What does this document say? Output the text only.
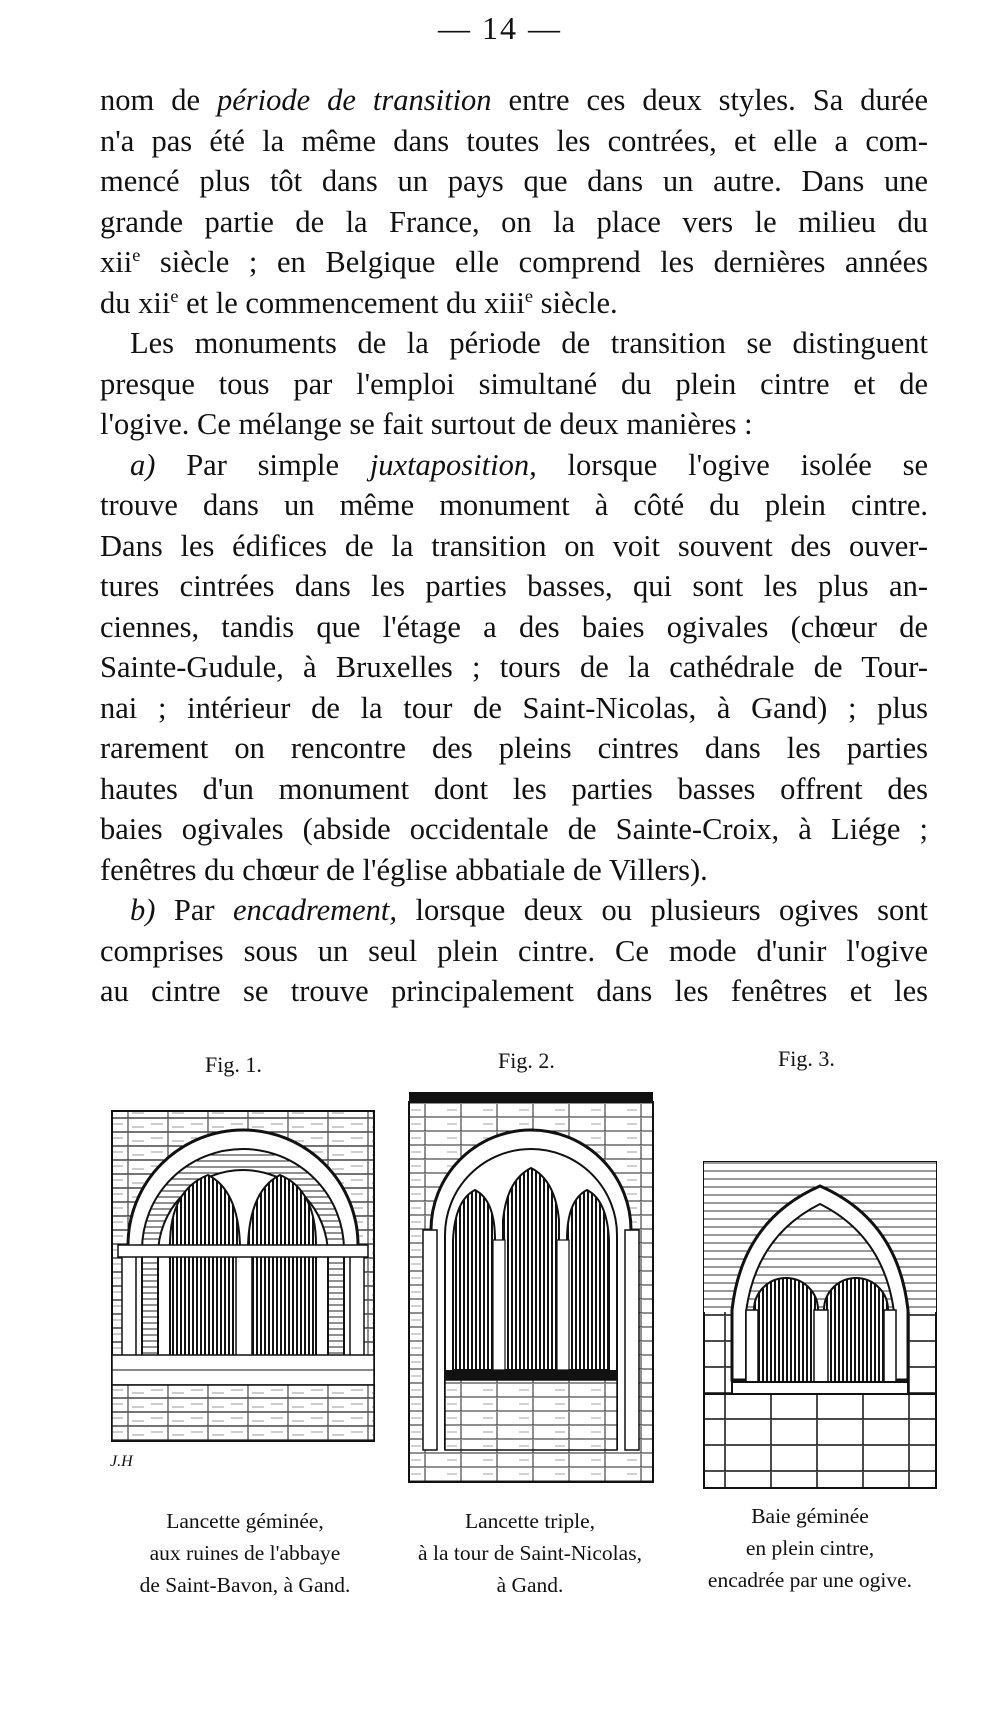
— 14 —
nom de période de transition entre ces deux styles. Sa durée
n'a pas été la même dans toutes les contrées, et elle a com-
mencé plus tôt dans un pays que dans un autre. Dans une
grande partie de la France, on la place vers le milieu du
xii$^e$ siècle ; en Belgique elle comprend les dernières années
du xii$^e$ et le commencement du xiii$^e$ siècle.
Les monuments de la période de transition se distinguent
presque tous par l'emploi simultané du plein cintre et de
l'ogive. Ce mélange se fait surtout de deux manières :
a) Par simple juxtaposition, lorsque l'ogive isolée se
trouve dans un même monument à côté du plein cintre.
Dans les édifices de la transition on voit souvent des ouver-
tures cintrées dans les parties basses, qui sont les plus an-
ciennes, tandis que l'étage a des baies ogivales (chœur de
Sainte-Gudule, à Bruxelles ; tours de la cathédrale de Tour-
nai ; intérieur de la tour de Saint-Nicolas, à Gand) ; plus
rarement on rencontre des pleins cintres dans les parties
hautes d'un monument dont les parties basses offrent des
baies ogivales (abside occidentale de Sainte-Croix, à Liége ;
fenêtres du chœur de l'église abbatiale de Villers).
b) Par encadrement, lorsque deux ou plusieurs ogives sont
comprises sous un seul plein cintre. Ce mode d'unir l'ogive
au cintre se trouve principalement dans les fenêtres et les
Fig. 1.	Fig. 2.	Fig. 3.
J.H
Lancette géminée,
aux ruines de l'abbaye
de Saint-Bavon, à Gand.
Lancette triple,
à la tour de Saint-Nicolas,
à Gand.
Baie géminée
en plein cintre,
encadrée par une ogive.
